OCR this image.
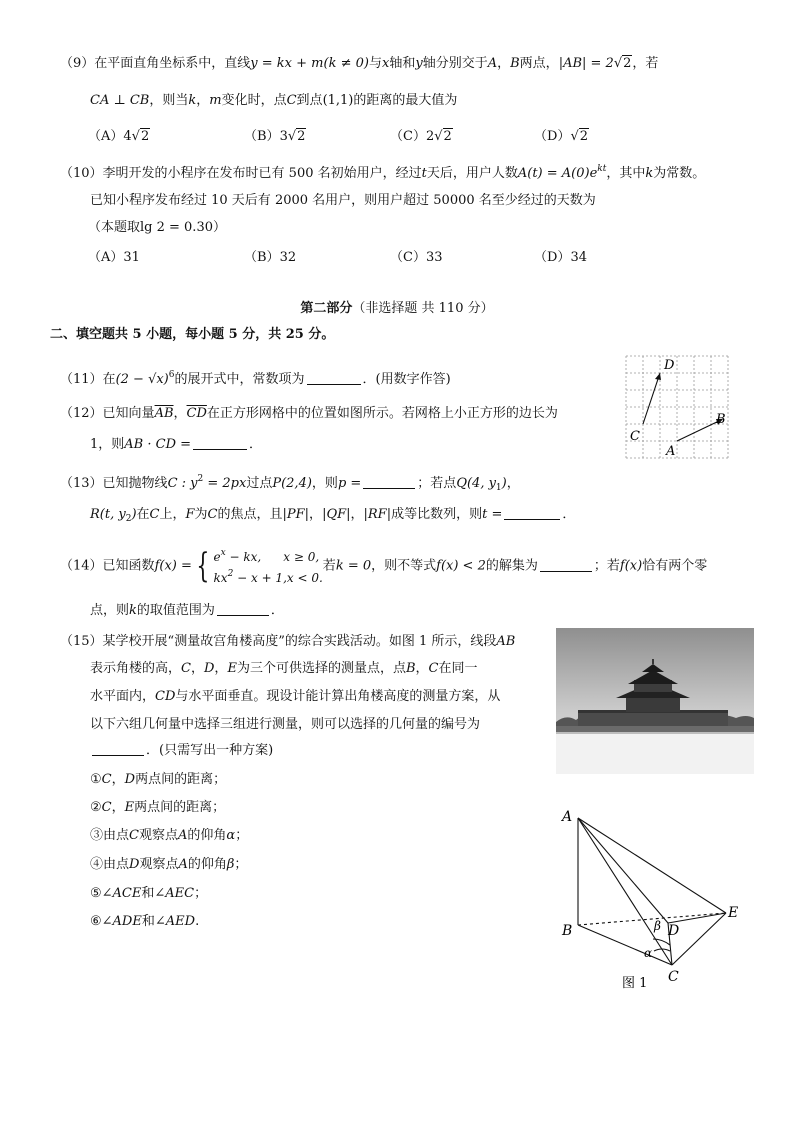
（9）在平面直角坐标系中，直线y = kx + m(k ≠ 0)与x轴和y轴分别交于A，B两点，|AB| = 2√2，若
CA ⊥ CB，则当k，m变化时，点C到点(1,1)的距离的最大值为
（A）4√2	（B）3√2	（C）2√2	（D）√2
（10）李明开发的小程序在发布时已有 500 名初始用户，经过t天后，用户人数$A(t) = A(0)e^{kt}$，其中k为常数。
已知小程序发布经过 10 天后有 2000 名用户，则用户超过 50000 名至少经过的天数为
（本题取lg 2 = 0.30）
（A）31	（B）32	（C）33	（D）34
第二部分（非选择题 共 110 分）
二、填空题共 5 小题，每小题 5 分，共 25 分。
（11）在$(2 - √x)^6$的展开式中，常数项为	．(用数字作答)
D
B
C
A
（12）已知向量$\overline{AB}$，$\overline{CD}$在正方形网格中的位置如图所示。若网格上小正方形的边长为
1，则AB · CD =	．
（13）已知抛物线C : $y^2 = 2px$过点P(2,4)，则p =	；若点Q(4, $y_1$)，
R(t, $y_2$)在C上，F为C的焦点，且|PF|，|QF|，|RF|成等比数列，则t =	．
（14）已知函数f(x) = { $e^x$ − kx, x ≥ 0,
$kx^2 - x + 1,x < 0$.
若k = 0，则不等式f(x) < 2的解集为	；若f(x)恰有两个零
点，则k的取值范围为	．
（15）某学校开展“测量故宫角楼高度”的综合实践活动。如图 1 所示，线段AB
表示角楼的高，C，D，E为三个可供选择的测量点，点B，C在同一
水平面内，CD与水平面垂直。现设计能计算出角楼高度的测量方案，从
以下六组几何量中选择三组进行测量，则可以选择的几何量的编号为
．(只需写出一种方案)
①C，D两点间的距离；
②C，E两点间的距离；
③由点C观察点A的仰角α；
④由点D观察点A的仰角β；
⑤∠ACE和∠AEC；
⑥∠ADE和∠AED.
A
B
C
D
E
α
β
图 1
